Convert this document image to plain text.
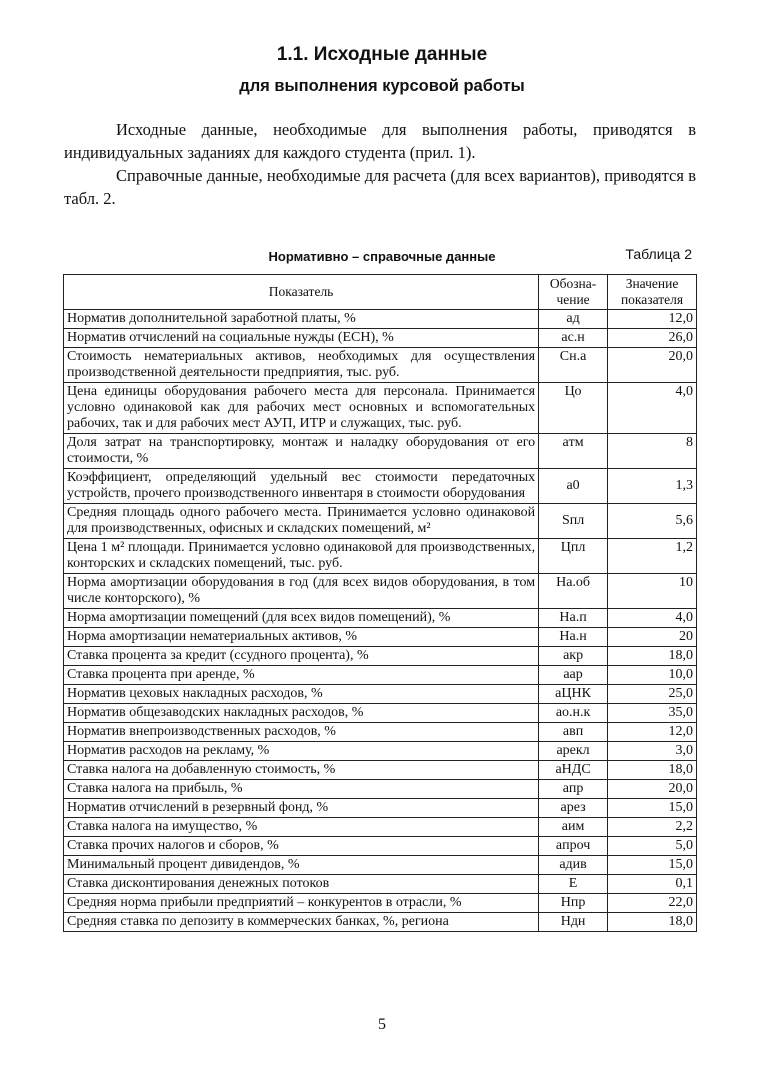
1.1. Исходные данные
для выполнения курсовой работы
Исходные данные, необходимые для выполнения работы, приводятся в индивидуальных заданиях для каждого студента (прил. 1).
Справочные данные, необходимые для расчета (для всех вариантов), приводятся в табл. 2.
Таблица 2
Нормативно – справочные данные
Показатель	Обозна-чение	Значение показателя
Норматив дополнительной заработной платы, %	aд	12,0
Норматив отчислений на социальные нужды (ЕСН), %	aс.н	26,0
Стоимость нематериальных активов, необходимых для осуществления производственной деятельности предприятия, тыс. руб.	Cн.а	20,0
Цена единицы оборудования рабочего места для персонала. Принимается условно одинаковой как для рабочих мест основных и вспомогательных рабочих, так и для рабочих мест АУП, ИТР и служащих, тыс. руб.	Цо	4,0
Доля затрат на транспортировку, монтаж и наладку оборудования от его стоимости, %	aтм	8
Коэффициент, определяющий удельный вес стоимости передаточных устройств, прочего производственного инвентаря в стоимости оборудования	a0	1,3
Средняя площадь одного рабочего места. Принимается условно одинаковой для производственных, офисных и складских помещений, м²	Sпл	5,6
Цена 1 м² площади. Принимается условно одинаковой для производственных, конторских и складских помещений, тыс. руб.	Цпл	1,2
Норма амортизации оборудования в год (для всех видов оборудования, в том числе конторского), %	Hа.об	10
Норма амортизации помещений (для всех видов помещений), %	Hа.п	4,0
Норма амортизации нематериальных активов, %	Hа.н	20
Ставка процента за кредит (ссудного процента), %	aкр	18,0
Ставка процента при аренде, %	aар	10,0
Норматив цеховых накладных расходов, %	aЦНК	25,0
Норматив общезаводских накладных расходов, %	aо.н.к	35,0
Норматив внепроизводственных расходов, %	aвп	12,0
Норматив расходов на рекламу, %	aрекл	3,0
Ставка налога на добавленную стоимость, %	aНДС	18,0
Ставка налога на прибыль, %	aпр	20,0
Норматив отчислений в резервный фонд, %	aрез	15,0
Ставка налога на имущество, %	aим	2,2
Ставка прочих налогов и сборов, %	aпроч	5,0
Минимальный процент дивидендов, %	aдив	15,0
Ставка дисконтирования денежных потоков	E	0,1
Средняя норма прибыли предприятий – конкурентов в отрасли, %	Hпр	22,0
Средняя ставка по депозиту в коммерческих банках, %, региона	Hдн	18,0
5
